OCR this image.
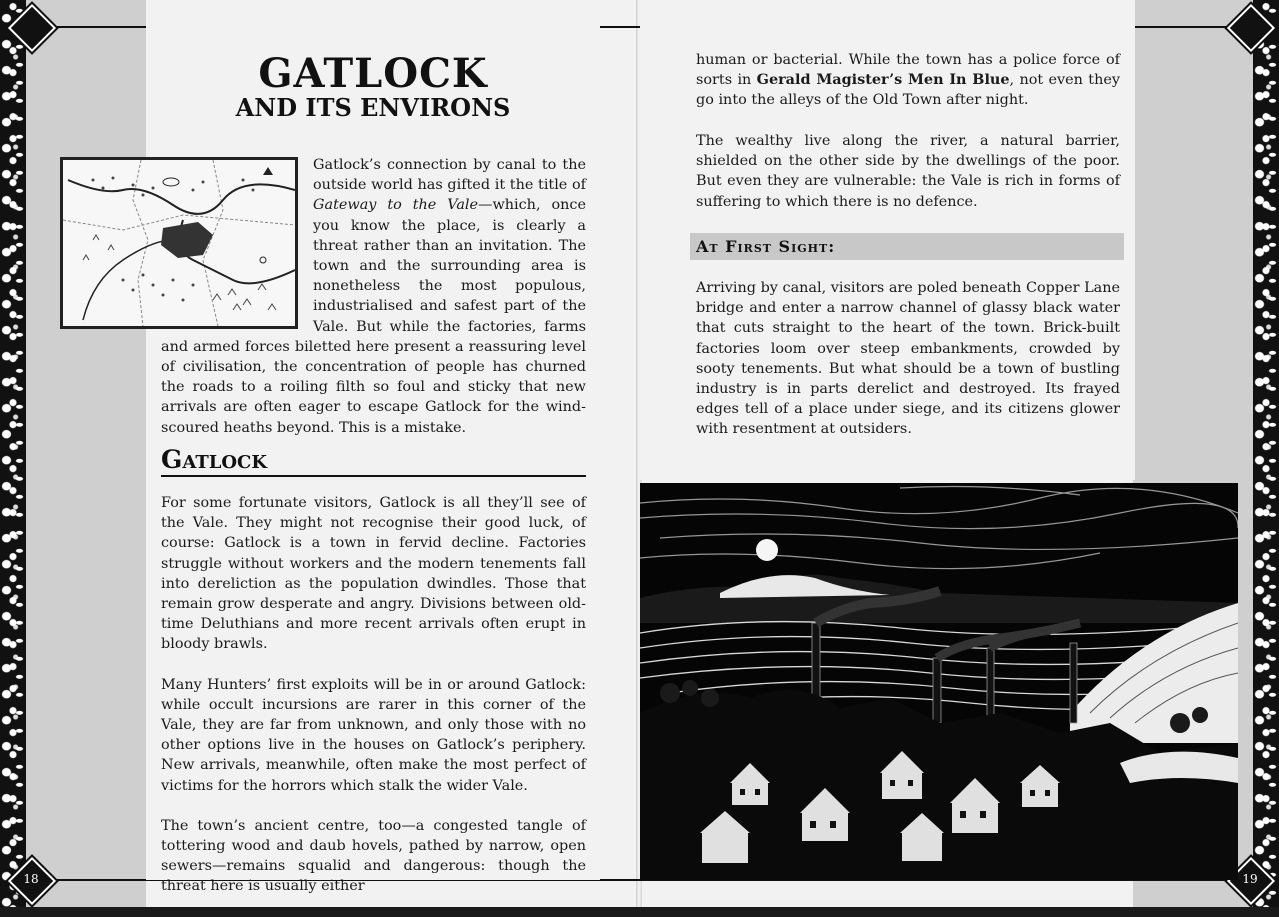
18	19
GATLOCK
AND ITS ENVIRONS

Gatlock’s connection by canal to the outside world has gifted it the title of Gateway to the Vale—which, once you know the place, is clearly a threat rather than an invitation. The town and the surrounding area is nonetheless the most populous, industrialised and safest part of the Vale. But while the factories, farms and armed forces biletted here present a reassuring level of civilisation, the concentration of people has churned the roads to a roiling filth so foul and sticky that new arrivals are often eager to escape Gatlock for the wind-scoured heaths beyond. This is a mistake.

Gatlock

For some fortunate visitors, Gatlock is all they’ll see of the Vale. They might not recognise their good luck, of course: Gatlock is a town in fervid decline. Factories struggle without workers and the modern tenements fall into dereliction as the population dwindles. Those that remain grow desperate and angry. Divisions between old-time Deluthians and more recent arrivals often erupt in bloody brawls.

Many Hunters’ first exploits will be in or around Gatlock: while occult incursions are rarer in this corner of the Vale, they are far from unknown, and only those with no other options live in the houses on Gatlock’s periphery. New arrivals, meanwhile, often make the most perfect of victims for the horrors which stalk the wider Vale.

The town’s ancient centre, too—a congested tangle of tottering wood and daub hovels, pathed by narrow, open sewers—remains squalid and dangerous: though the threat here is usually either

human or bacterial. While the town has a police force of sorts in Gerald Magister’s Men In Blue, not even they go into the alleys of the Old Town after night.

The wealthy live along the river, a natural barrier, shielded on the other side by the dwellings of the poor. But even they are vulnerable: the Vale is rich in forms of suffering to which there is no defence.

At First Sight:

Arriving by canal, visitors are poled beneath Copper Lane bridge and enter a narrow channel of glassy black water that cuts straight to the heart of the town. Brick-built factories loom over steep embankments, crowded by sooty tenements. But what should be a town of bustling industry is in parts derelict and destroyed. Its frayed edges tell of a place under siege, and its citizens glower with resentment at outsiders.
